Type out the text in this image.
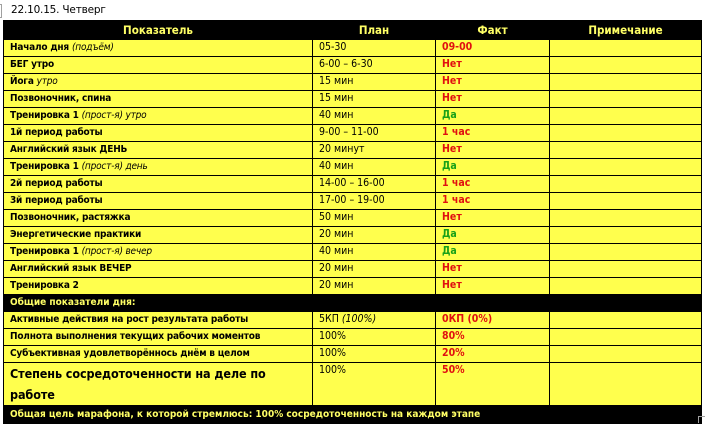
22.10.15. Четверг
Показатель	План	Факт	Примечание
Начало дня (подъём)	05-30	09-00	
БЕГ утро	6-00 – 6-30	Нет	
Йога утро	15 мин	Нет	
Позвоночник, спина	15 мин	Нет	
Тренировка 1 (прост-я) утро	40 мин	Да	
1й период работы	9-00 – 11-00	1 час	
Английский язык ДЕНЬ	20 минут	Нет	
Тренировка 1 (прост-я) день	40 мин	Да	
2й период работы	14-00 – 16-00	1 час	
3й период работы	17-00 – 19-00	1 час	
Позвоночник, растяжка	50 мин	Нет	
Энергетические практики	20 мин	Да	
Тренировка 1 (прост-я) вечер	40 мин	Да	
Английский язык ВЕЧЕР	20 мин	Нет	
Тренировка 2	20 мин	Нет	
Общие показатели дня:			
Активные действия на рост результата работы	5КП (100%)	0КП (0%)	
Полнота выполнения текущих рабочих моментов	100%	80%	
Субъективная удовлетворённось днём в целом	100%	20%	
Степень сосредоточенности на деле по работе	100%	50%	
Общая цель марафона, к которой стремлюсь: 100% сосредоточенность на каждом этапе			
